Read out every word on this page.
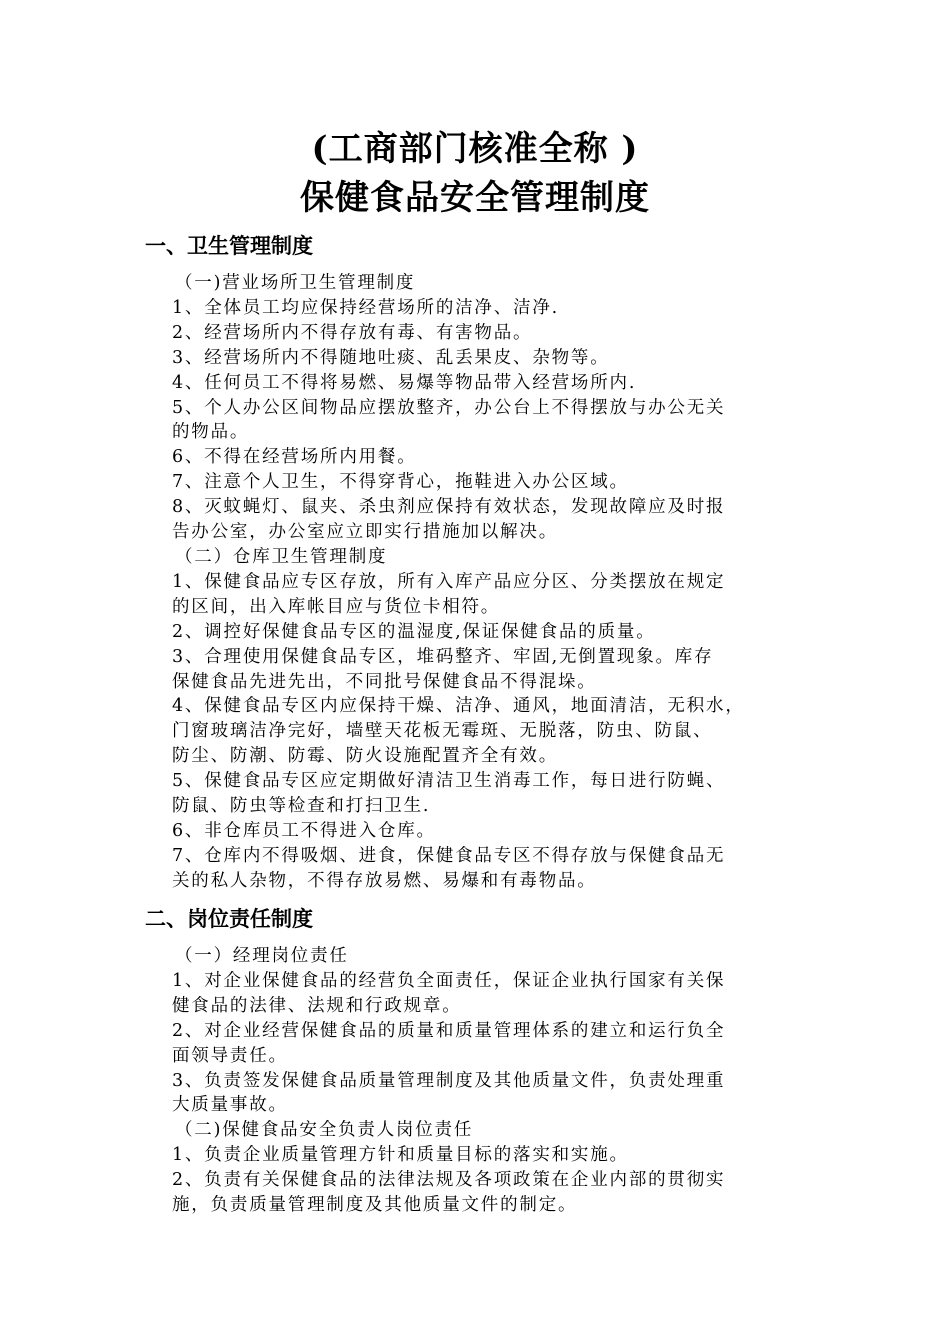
(工商部门核准全称 )
保健食品安全管理制度
一、卫生管理制度
（一)营业场所卫生管理制度
1、全体员工均应保持经营场所的洁净、洁净.
2、经营场所内不得存放有毒、有害物品。
3、经营场所内不得随地吐痰、乱丢果皮、杂物等。
4、任何员工不得将易燃、易爆等物品带入经营场所内.
5、个人办公区间物品应摆放整齐，办公台上不得摆放与办公无关
的物品。
6、不得在经营场所内用餐。
7、注意个人卫生，不得穿背心，拖鞋进入办公区域。
8、灭蚊蝇灯、鼠夹、杀虫剂应保持有效状态，发现故障应及时报
告办公室，办公室应立即实行措施加以解决。
（二）仓库卫生管理制度
1、保健食品应专区存放，所有入库产品应分区、分类摆放在规定
的区间，出入库帐目应与货位卡相符。
2、调控好保健食品专区的温湿度,保证保健食品的质量。
3、合理使用保健食品专区，堆码整齐、牢固,无倒置现象。库存
保健食品先进先出，不同批号保健食品不得混垛。
4、保健食品专区内应保持干燥、洁净、通风，地面清洁，无积水，
门窗玻璃洁净完好，墙壁天花板无霉斑、无脱落，防虫、防鼠、
防尘、防潮、防霉、防火设施配置齐全有效。
5、保健食品专区应定期做好清洁卫生消毒工作，每日进行防蝇、
防鼠、防虫等检查和打扫卫生.
6、非仓库员工不得进入仓库。
7、仓库内不得吸烟、进食，保健食品专区不得存放与保健食品无
关的私人杂物，不得存放易燃、易爆和有毒物品。
二、岗位责任制度
（一）经理岗位责任
1、对企业保健食品的经营负全面责任，保证企业执行国家有关保
健食品的法律、法规和行政规章。
2、对企业经营保健食品的质量和质量管理体系的建立和运行负全
面领导责任。
3、负责签发保健食品质量管理制度及其他质量文件，负责处理重
大质量事故。
（二)保健食品安全负责人岗位责任
1、负责企业质量管理方针和质量目标的落实和实施。
2、负责有关保健食品的法律法规及各项政策在企业内部的贯彻实
施，负责质量管理制度及其他质量文件的制定。
